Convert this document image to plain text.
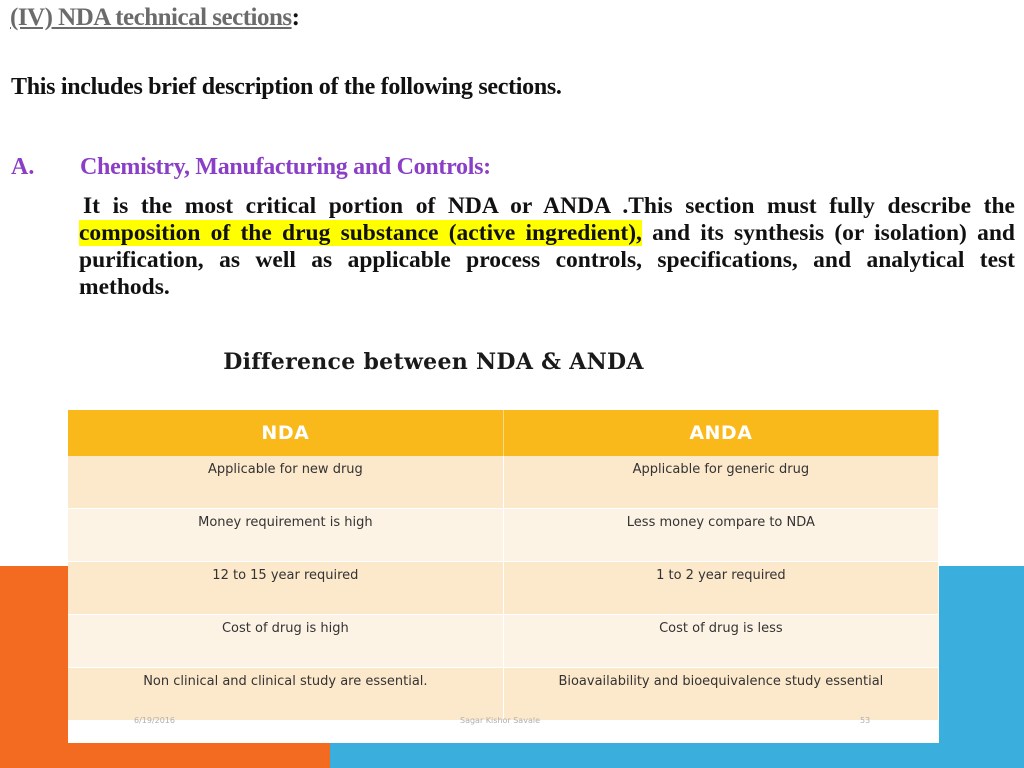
(IV) NDA technical sections:
This includes brief description of the following sections.
A. Chemistry, Manufacturing and Controls:
It is the most critical portion of NDA or ANDA .This section must fully describe the composition of the drug substance (active ingredient), and its synthesis (or isolation) and purification, as well as applicable process controls, specifications, and analytical test methods.
Difference between NDA & ANDA
NDA	ANDA
Applicable for new drug	Applicable for generic drug
Money requirement is high	Less money compare to NDA
12 to 15 year required	1 to 2 year required
Cost of drug is high	Cost of drug is less
Non clinical and clinical study are essential.	Bioavailability and bioequivalence study essential
6/19/2016	Sagar Kishor Savale	53
